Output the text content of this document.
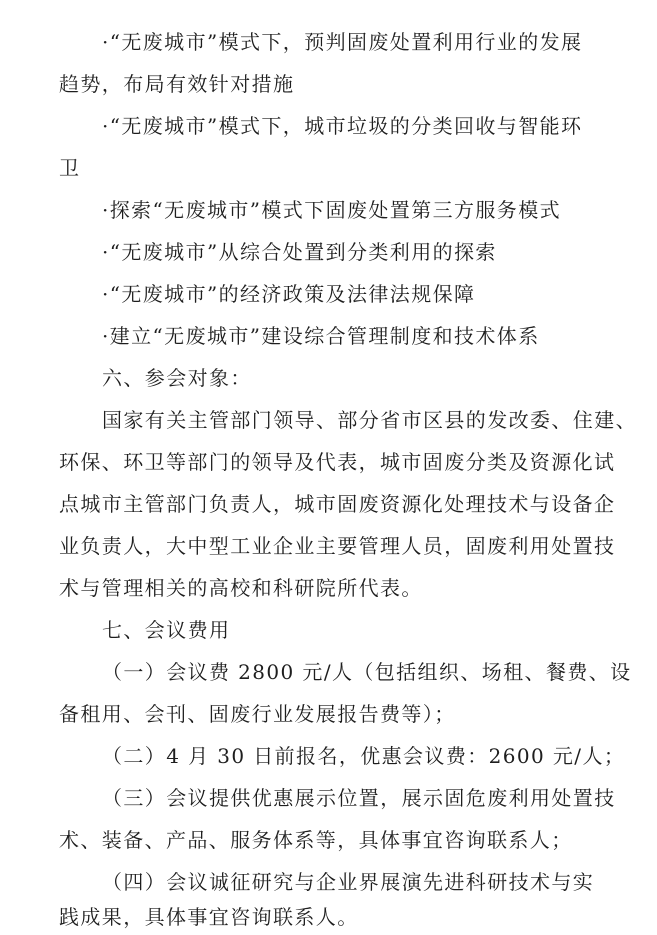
·“无废城市”模式下，预判固废处置利用行业的发展
趋势，布局有效针对措施
·“无废城市”模式下，城市垃圾的分类回收与智能环
卫
·探索“无废城市”模式下固废处置第三方服务模式
·“无废城市”从综合处置到分类利用的探索
·“无废城市”的经济政策及法律法规保障
·建立“无废城市”建设综合管理制度和技术体系
六、参会对象：
国家有关主管部门领导、部分省市区县的发改委、住建、
环保、环卫等部门的领导及代表，城市固废分类及资源化试
点城市主管部门负责人，城市固废资源化处理技术与设备企
业负责人，大中型工业企业主要管理人员，固废利用处置技
术与管理相关的高校和科研院所代表。
七、会议费用
（一）会议费 2800 元/人（包括组织、场租、餐费、设
备租用、会刊、固废行业发展报告费等）；
（二）4 月 30 日前报名，优惠会议费：2600 元/人；
（三）会议提供优惠展示位置，展示固危废利用处置技
术、装备、产品、服务体系等，具体事宜咨询联系人；
（四）会议诚征研究与企业界展演先进科研技术与实
践成果，具体事宜咨询联系人。
